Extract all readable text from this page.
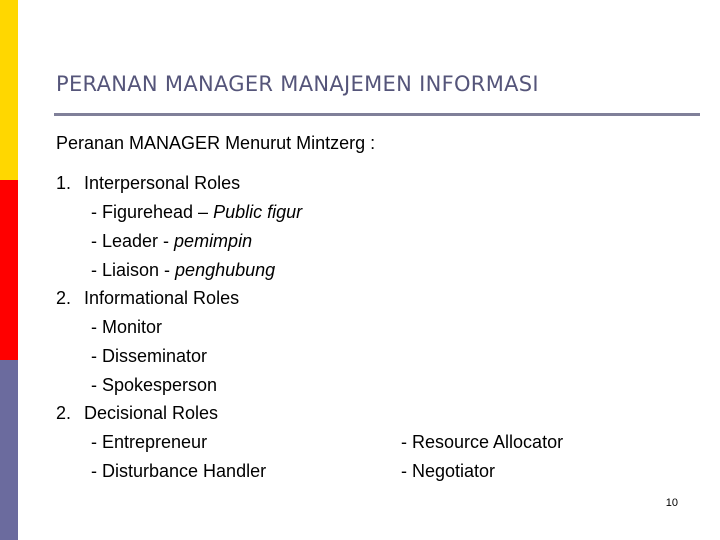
PERANAN MANAGER MANAJEMEN INFORMASI
Peranan MANAGER Menurut Mintzerg :
1. Interpersonal Roles
- Figurehead – Public figur
- Leader - pemimpin
- Liaison - penghubung
2. Informational Roles
- Monitor
- Disseminator
- Spokesperson
2. Decisional Roles
- Entrepreneur	- Resource Allocator
- Disturbance Handler	- Negotiator
10
